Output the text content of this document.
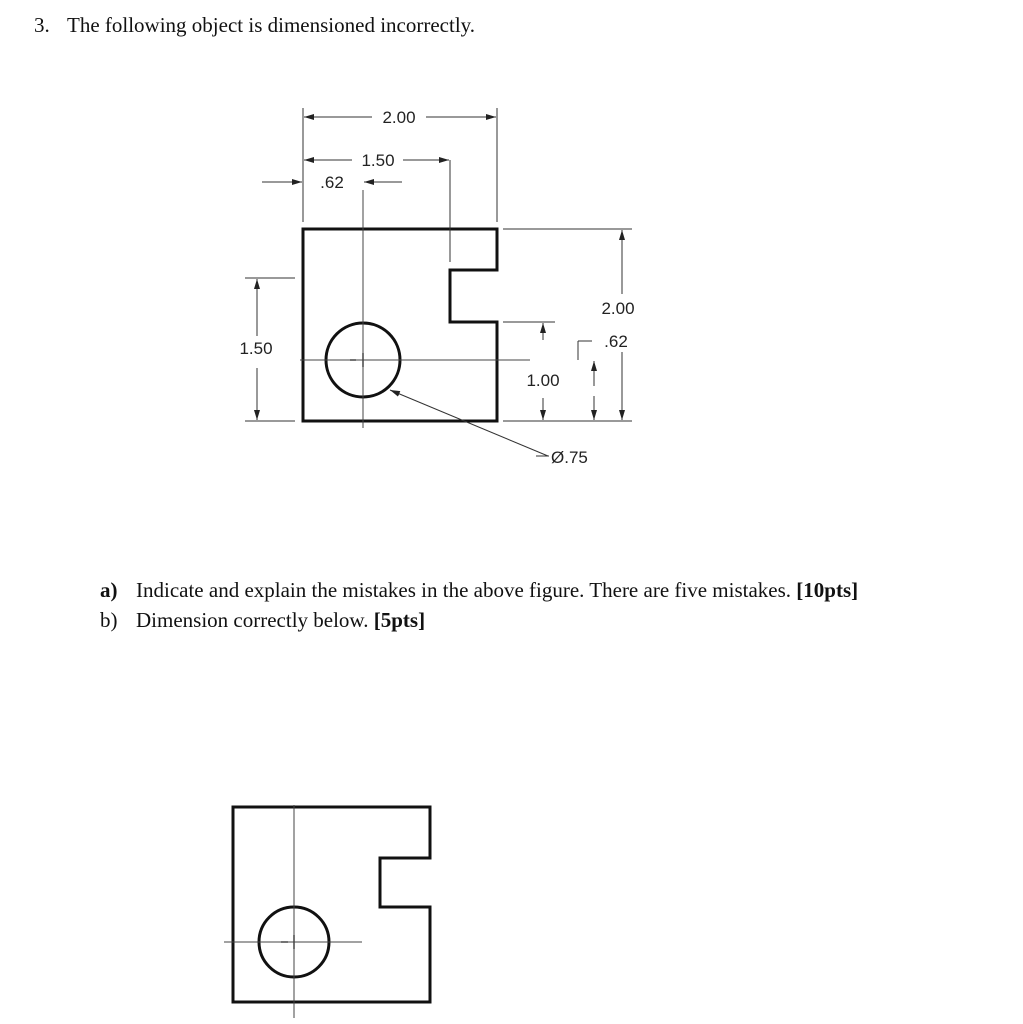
3. The following object is dimensioned incorrectly.
2.00
1.50
.62
1.50
2.00
.62
1.00
Ø.75
a) Indicate and explain the mistakes in the above figure. There are five mistakes. [10pts]
b) Dimension correctly below. [5pts]
